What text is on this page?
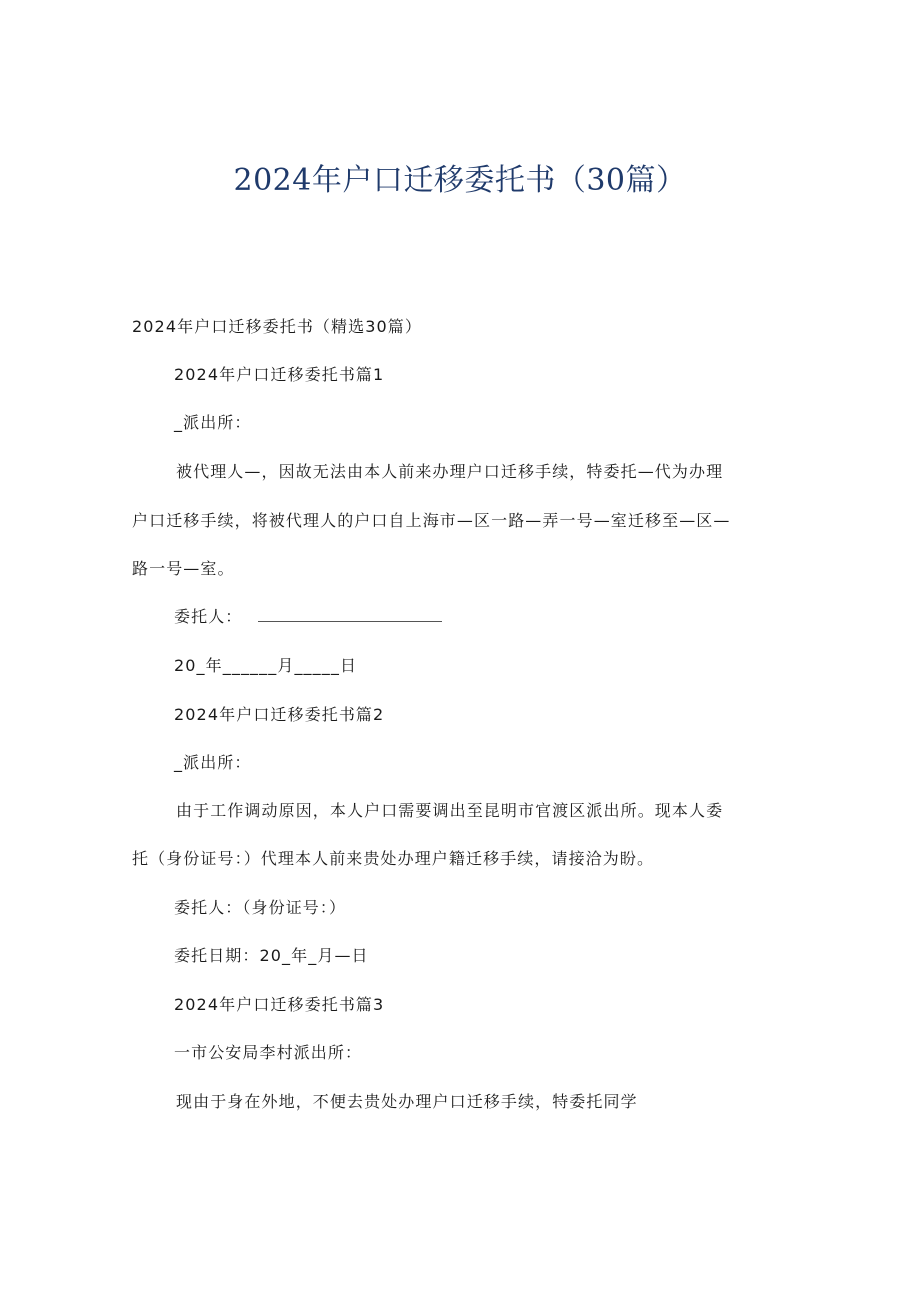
2024年户口迁移委托书（30篇）
2024年户口迁移委托书（精选30篇）
2024年户口迁移委托书篇1
_派出所：
被代理人—，因故无法由本人前来办理户口迁移手续，特委托—代为办理
户口迁移手续，将被代理人的户口自上海市—区一路—弄一号—室迁移至—区—
路一号—室。
委托人：
20_年______月_____日
2024年户口迁移委托书篇2
_派出所：
由于工作调动原因，本人户口需要调出至昆明市官渡区派出所。现本人委
托（身份证号：）代理本人前来贵处办理户籍迁移手续，请接洽为盼。
委托人：（身份证号：）
委托日期：20_年_月—日
2024年户口迁移委托书篇3
一市公安局李村派出所：
现由于身在外地，不便去贵处办理户口迁移手续，特委托同学
